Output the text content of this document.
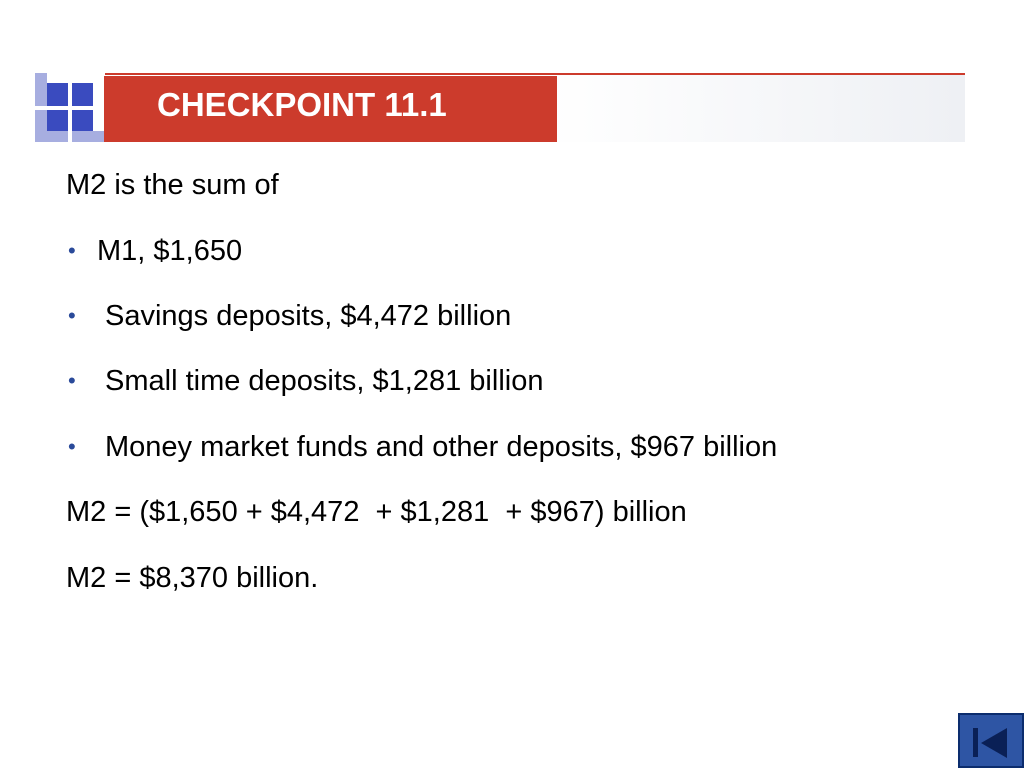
CHECKPOINT 11.1
M2 is the sum of
• M1, $1,650
• Savings deposits, $4,472 billion
• Small time deposits, $1,281 billion
• Money market funds and other deposits, $967 billion
M2 = ($1,650 + $4,472  + $1,281  + $967) billion
M2 = $8,370 billion.
